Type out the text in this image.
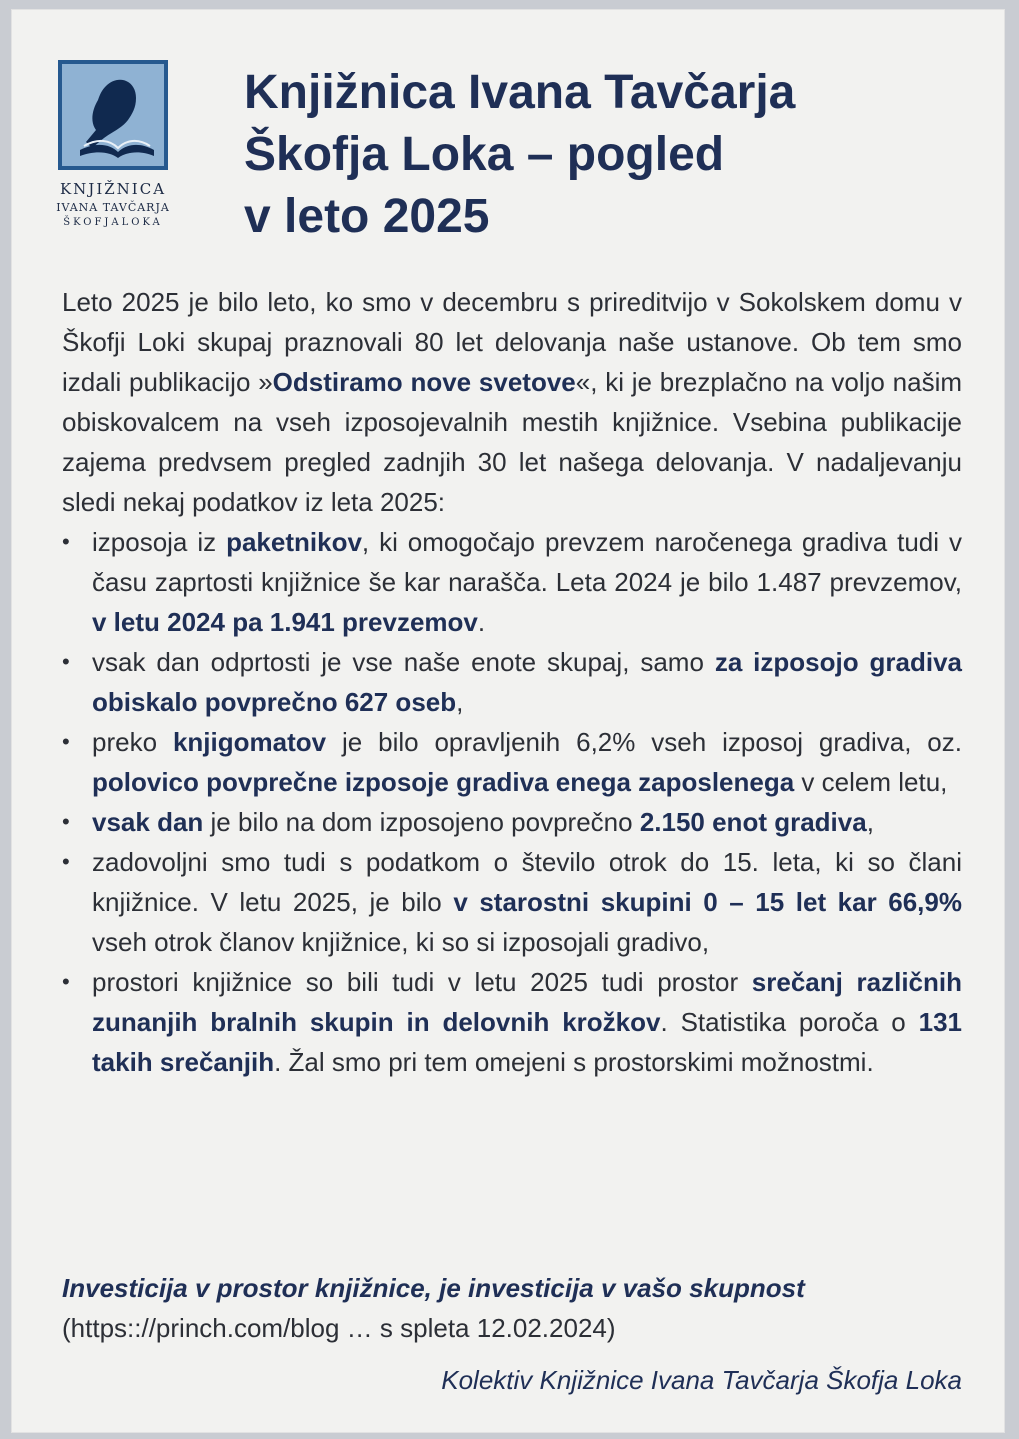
KNJIŽNICA
IVANA TAVČARJA
ŠKOFJALOKA
Knjižnica Ivana Tavčarja
Škofja Loka – pogled
v leto 2025

Leto 2025 je bilo leto, ko smo v decembru s prireditvijo v Sokolskem domu v Škofji Loki skupaj praznovali 80 let delovanja naše ustanove. Ob tem smo izdali publikacijo »Odstiramo nove svetove«, ki je brezplačno na voljo našim obiskovalcem na vseh izposojevalnih mestih knjižnice. Vsebina publikacije zajema predvsem pregled zadnjih 30 let našega delovanja. V nadaljevanju sledi nekaj podatkov iz leta 2025:

• izposoja iz paketnikov, ki omogočajo prevzem naročenega gradiva tudi v času zaprtosti knjižnice še kar narašča. Leta 2024 je bilo 1.487 prevzemov, v letu 2024 pa 1.941 prevzemov.
• vsak dan odprtosti je vse naše enote skupaj, samo za izposojo gradiva obiskalo povprečno 627 oseb,
• preko knjigomatov je bilo opravljenih 6,2% vseh izposoj gradiva, oz. polovico povprečne izposoje gradiva enega zaposlenega v celem letu,
• vsak dan je bilo na dom izposojeno povprečno 2.150 enot gradiva,
• zadovoljni smo tudi s podatkom o število otrok do 15. leta, ki so člani knjižnice. V letu 2025, je bilo v starostni skupini 0 – 15 let kar 66,9% vseh otrok članov knjižnice, ki so si izposojali gradivo,
• prostori knjižnice so bili tudi v letu 2025 tudi prostor srečanj različnih zunanjih bralnih skupin in delovnih krožkov. Statistika poroča o 131 takih srečanjih. Žal smo pri tem omejeni s prostorskimi možnostmi.
Investicija v prostor knjižnice, je investicija v vašo skupnost
(https:://princh.com/blog … s spleta 12.02.2024)
Kolektiv Knjižnice Ivana Tavčarja Škofja Loka
